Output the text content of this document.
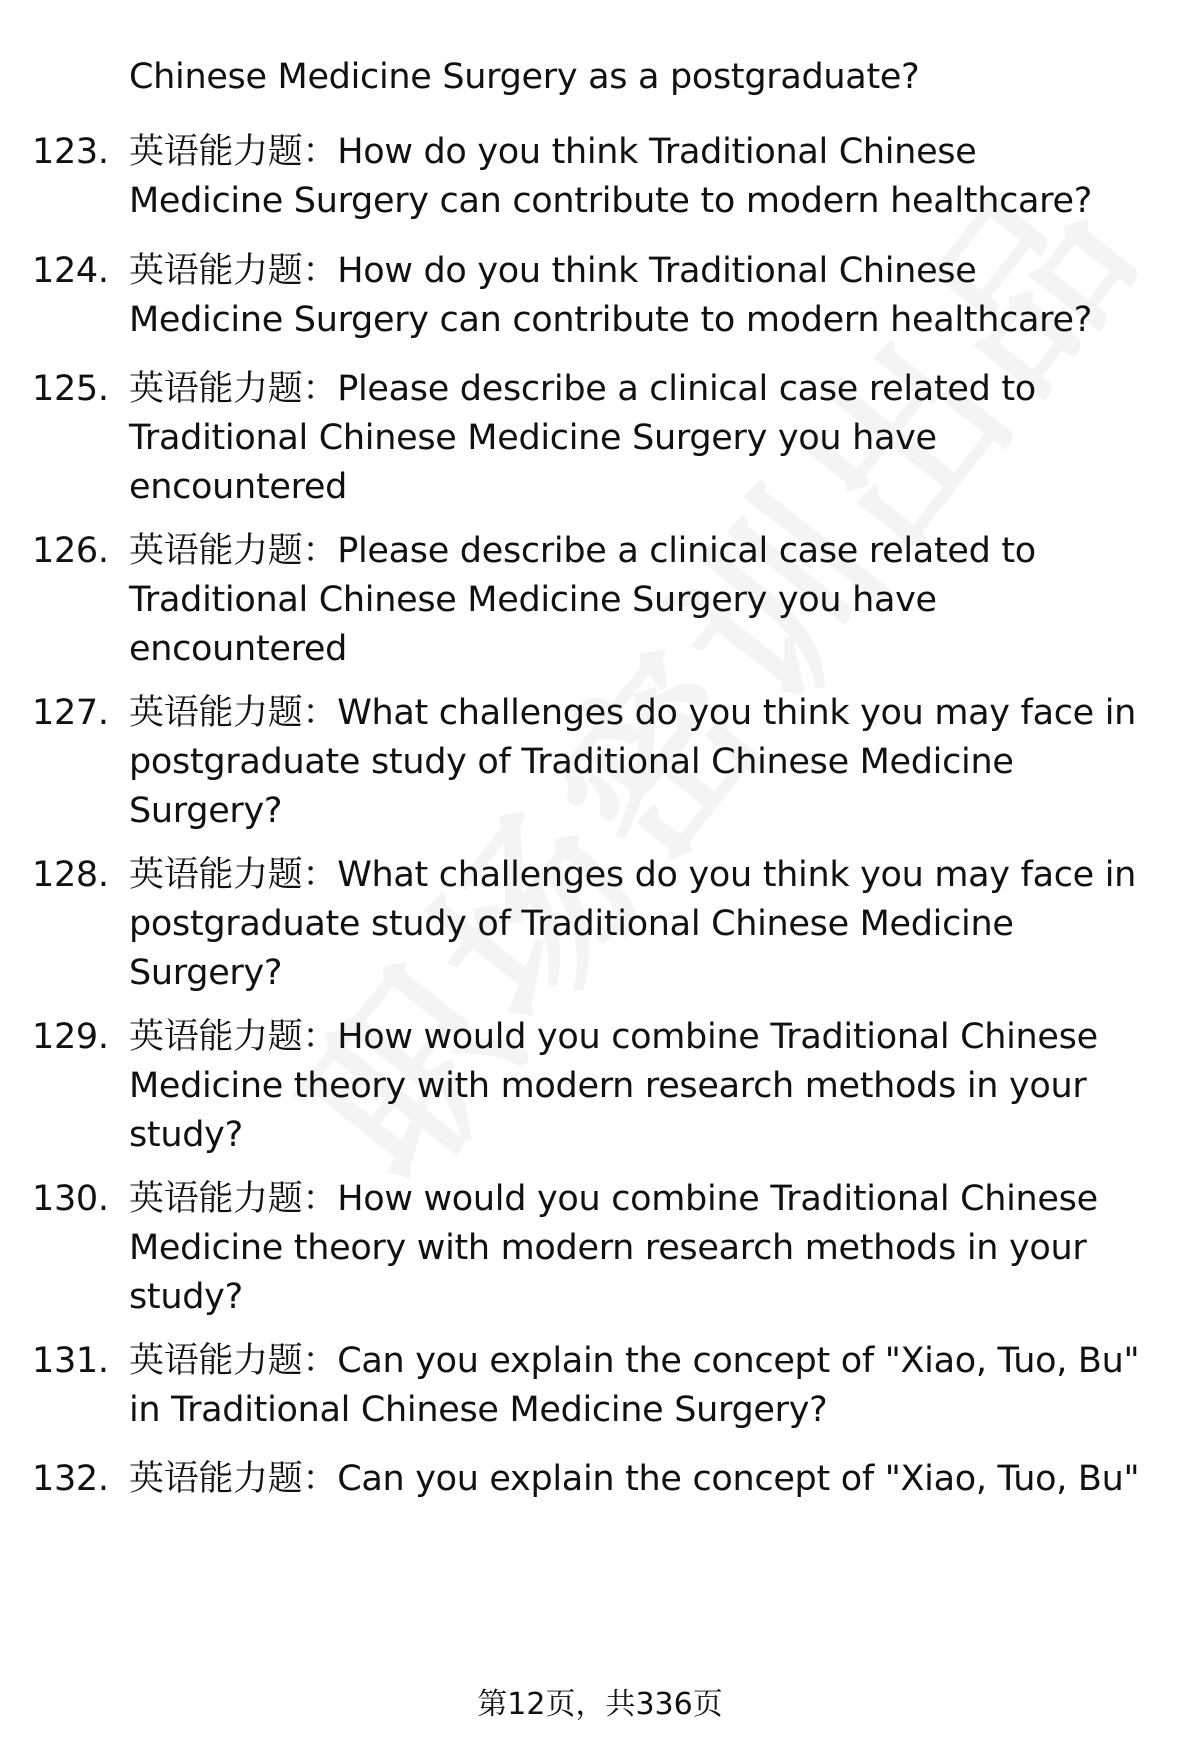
Chinese Medicine Surgery as a postgraduate?
123. 英语能力题：How do you think Traditional Chinese
Medicine Surgery can contribute to modern healthcare?
124. 英语能力题：How do you think Traditional Chinese
Medicine Surgery can contribute to modern healthcare?
125. 英语能力题：Please describe a clinical case related to
Traditional Chinese Medicine Surgery you have
encountered
126. 英语能力题：Please describe a clinical case related to
Traditional Chinese Medicine Surgery you have
encountered
127. 英语能力题：What challenges do you think you may face in
postgraduate study of Traditional Chinese Medicine
Surgery?
128. 英语能力题：What challenges do you think you may face in
postgraduate study of Traditional Chinese Medicine
Surgery?
129. 英语能力题：How would you combine Traditional Chinese
Medicine theory with modern research methods in your
study?
130. 英语能力题：How would you combine Traditional Chinese
Medicine theory with modern research methods in your
study?
131. 英语能力题：Can you explain the concept of "Xiao, Tuo, Bu"
in Traditional Chinese Medicine Surgery?
132. 英语能力题：Can you explain the concept of "Xiao, Tuo, Bu"
第12页，共336页
